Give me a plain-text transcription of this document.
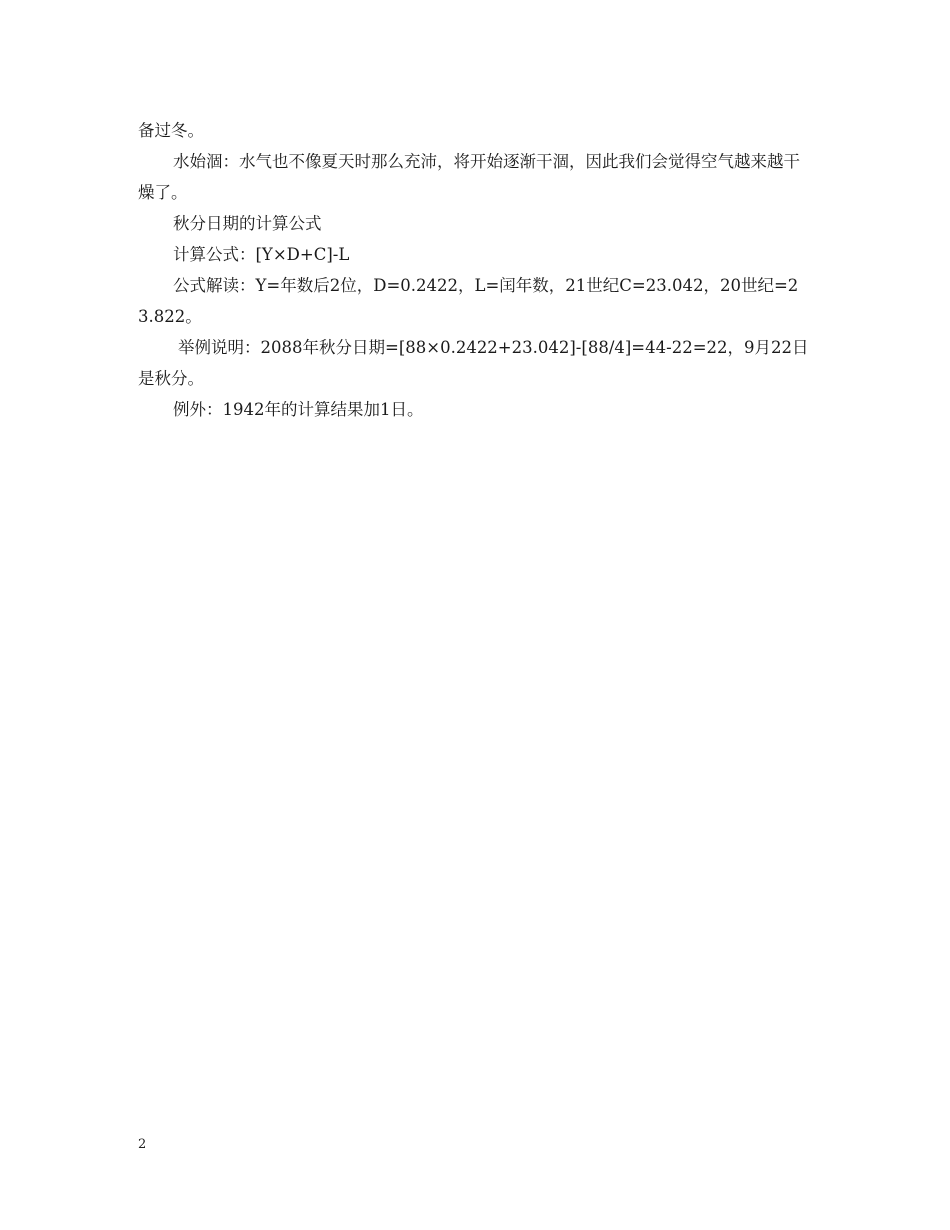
备过冬。

水始涸：水气也不像夏天时那么充沛，将开始逐渐干涸，因此我们会觉得空气越来越干燥了。

秋分日期的计算公式

计算公式：[Y×D+C]-L

公式解读：Y=年数后2位，D=0.2422，L=闰年数，21世纪C=23.042，20世纪=23.822。

举例说明：2088年秋分日期=[88×0.2422+23.042]-[88/4]=44-22=22，9月22日是秋分。

例外：1942年的计算结果加1日。

2
